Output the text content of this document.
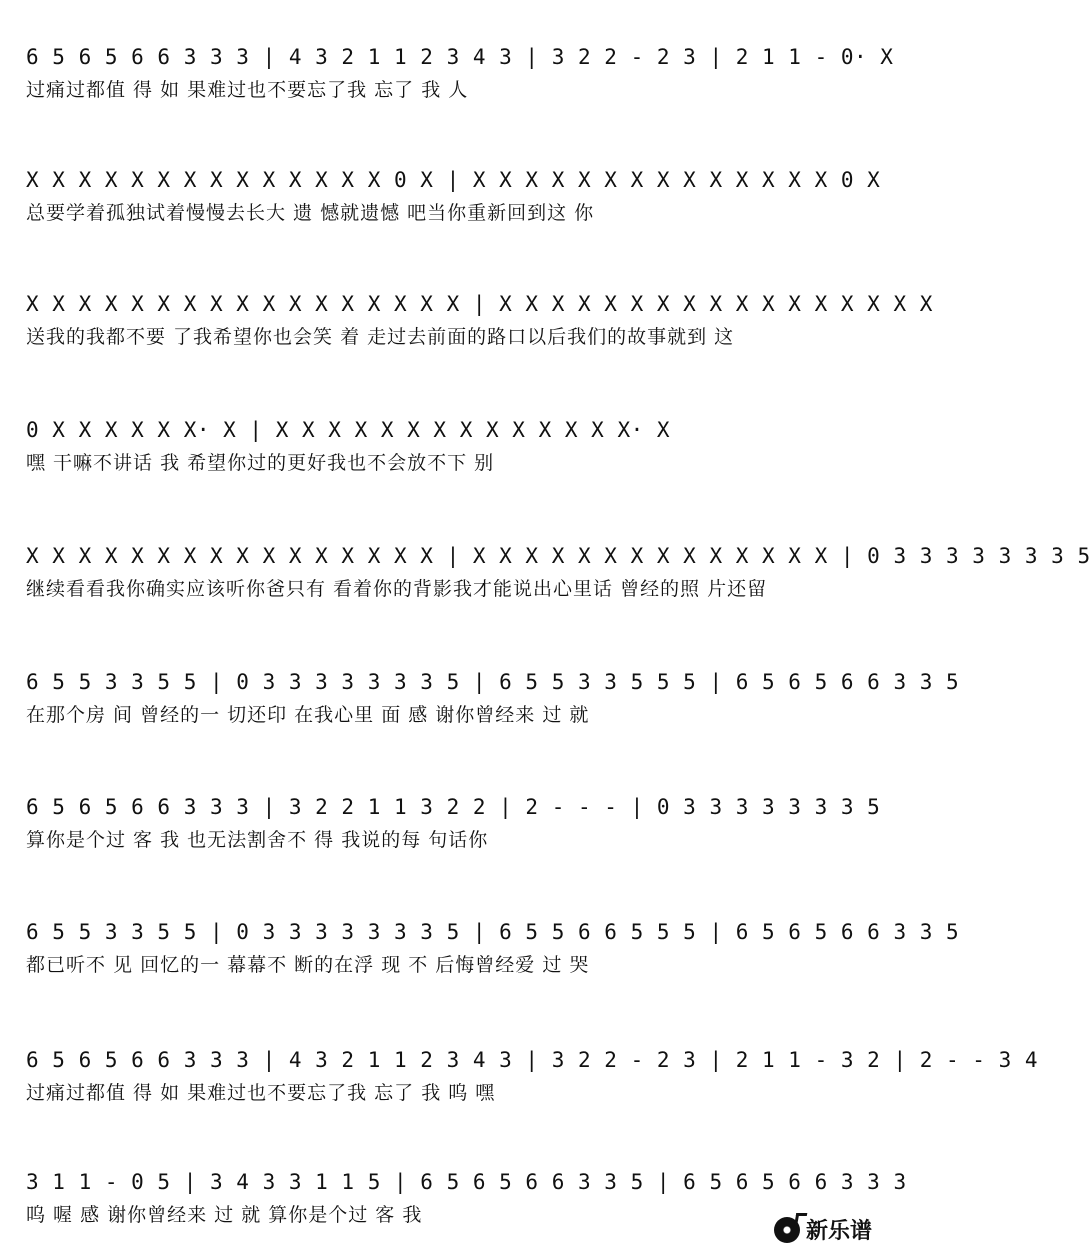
6 5 6 5 6 6 3 3 3 | 4 3 2 1 1 2 3 4 3 | 3 2 2 - 2 3 | 2 1 1 - 0· X
过痛过都值 得 如 果难过也不要忘了我 忘了 我 人
X X X X X X X X X X X X X X 0 X | X X X X X X X X X X X X X X 0 X
总要学着孤独试着慢慢去长大 遗 憾就遗憾 吧当你重新回到这 你
X X X X X X X X X X X X X X X X X | X X X X X X X X X X X X X X X X X
送我的我都不要 了我希望你也会笑 着 走过去前面的路口以后我们的故事就到 这
0 X X X X X X· X | X X X X X X X X X X X X X X· X
嘿 干嘛不讲话 我 希望你过的更好我也不会放不下 别
X X X X X X X X X X X X X X X X | X X X X X X X X X X X X X X | 0 3 3 3 3 3 3 3 5
继续看看我你确实应该听你爸只有 看着你的背影我才能说出心里话 曾经的照 片还留
6 5 5 3 3 5 5 | 0 3 3 3 3 3 3 3 5 | 6 5 5 3 3 5 5 5 | 6 5 6 5 6 6 3 3 5
在那个房 间 曾经的一 切还印 在我心里 面 感 谢你曾经来 过 就
6 5 6 5 6 6 3 3 3 | 3 2 2 1 1 3 2 2 | 2 - - - | 0 3 3 3 3 3 3 3 5
算你是个过 客 我 也无法割舍不 得 我说的每 句话你
6 5 5 3 3 5 5 | 0 3 3 3 3 3 3 3 5 | 6 5 5 6 6 5 5 5 | 6 5 6 5 6 6 3 3 5
都已听不 见 回忆的一 幕幕不 断的在浮 现 不 后悔曾经爱 过 哭
6 5 6 5 6 6 3 3 3 | 4 3 2 1 1 2 3 4 3 | 3 2 2 - 2 3 | 2 1 1 - 3 2 | 2 - - 3 4
过痛过都值 得 如 果难过也不要忘了我 忘了 我 呜 嘿
3 1 1 - 0 5 | 3 4 3 3 1 1 5 | 6 5 6 5 6 6 3 3 5 | 6 5 6 5 6 6 3 3 3
呜 喔 感 谢你曾经来 过 就 算你是个过 客 我
新乐谱
